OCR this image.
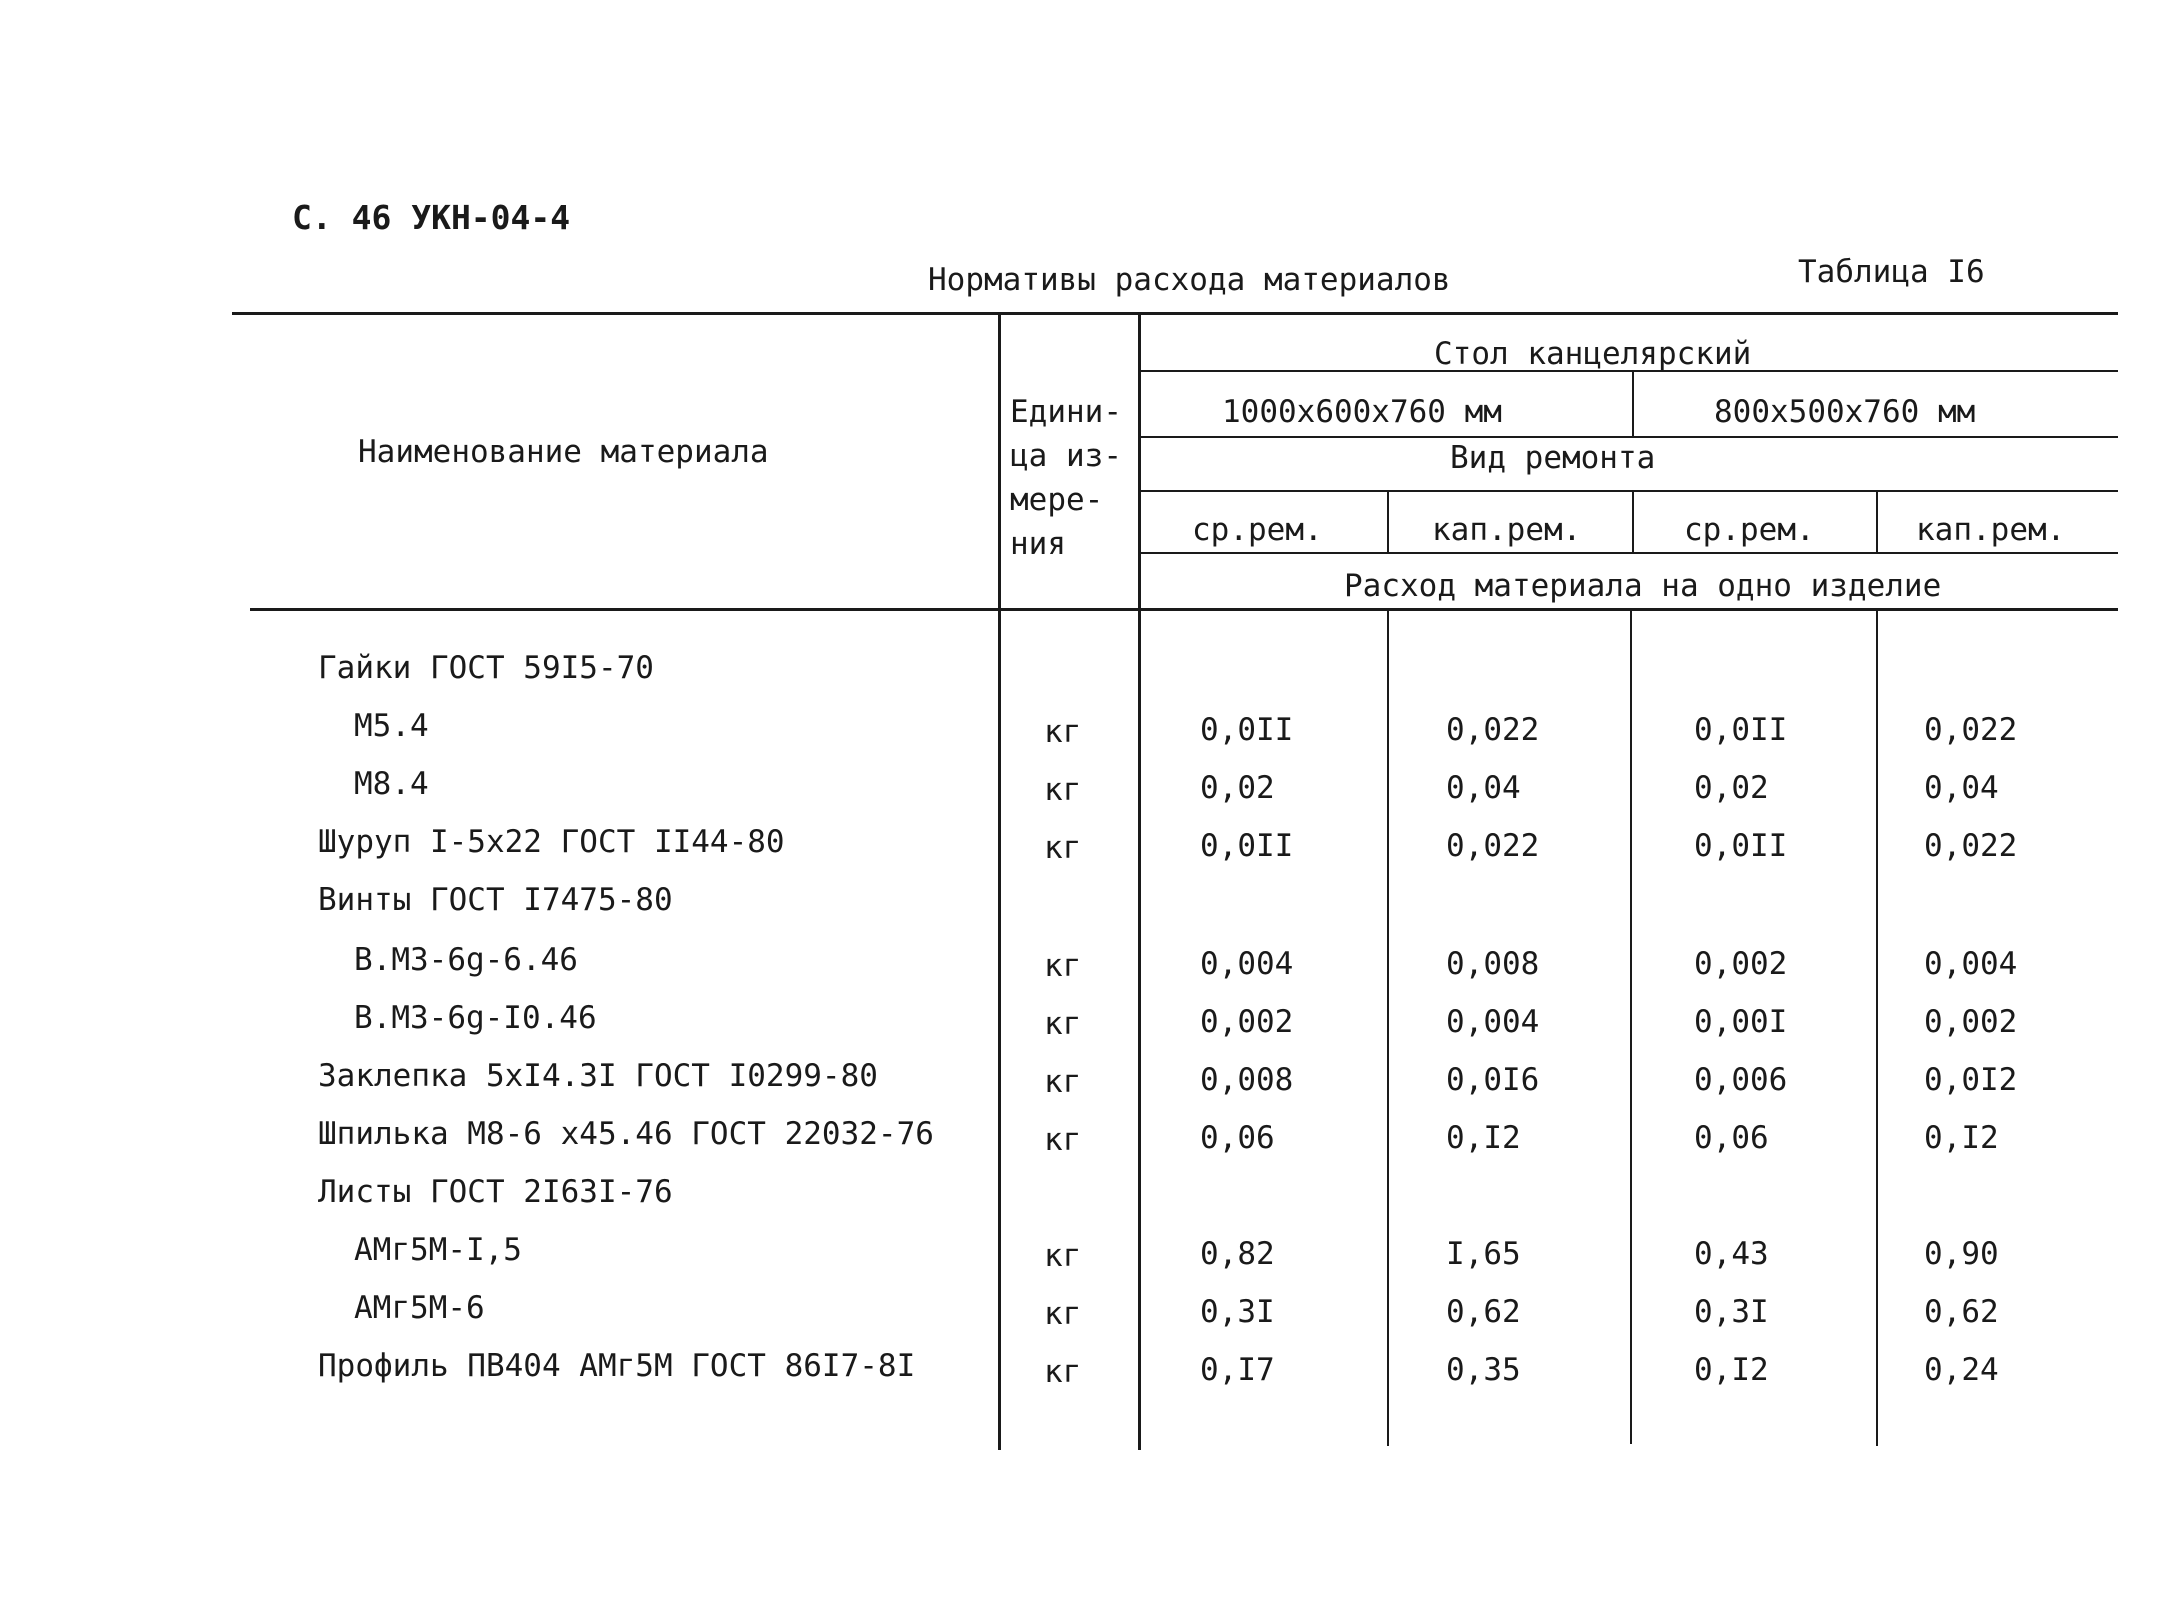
С. 46 УКН-04-4
Нормативы расхода материалов	Таблица I6
Наименование материала
Едини-
ца из-
мере-
ния
Стол канцелярский
1000х600х760 мм	800х500х760 мм
Вид ремонта
ср.рем.	кап.рем.	ср.рем.	кап.рем.
Расход материала на одно изделие
Гайки ГОСТ 59I5-70
М5.4	кг	0,0II	0,022	0,0II	0,022
М8.4	кг	0,02	0,04	0,02	0,04
Шуруп I-5х22 ГОСТ II44-80	кг	0,0II	0,022	0,0II	0,022
Винты ГОСТ I7475-80
В.М3-6g-6.46	кг	0,004	0,008	0,002	0,004
В.М3-6g-I0.46	кг	0,002	0,004	0,00I	0,002
Заклепка 5хI4.3I ГОСТ I0299-80	кг	0,008	0,0I6	0,006	0,0I2
Шпилька М8-6 х45.46 ГОСТ 22032-76	кг	0,06	0,I2	0,06	0,I2
Листы ГОСТ 2I63I-76
АМг5М-I,5	кг	0,82	I,65	0,43	0,90
АМг5М-6	кг	0,3I	0,62	0,3I	0,62
Профиль ПВ404 АМг5М ГОСТ 86I7-8I	кг	0,I7	0,35	0,I2	0,24
